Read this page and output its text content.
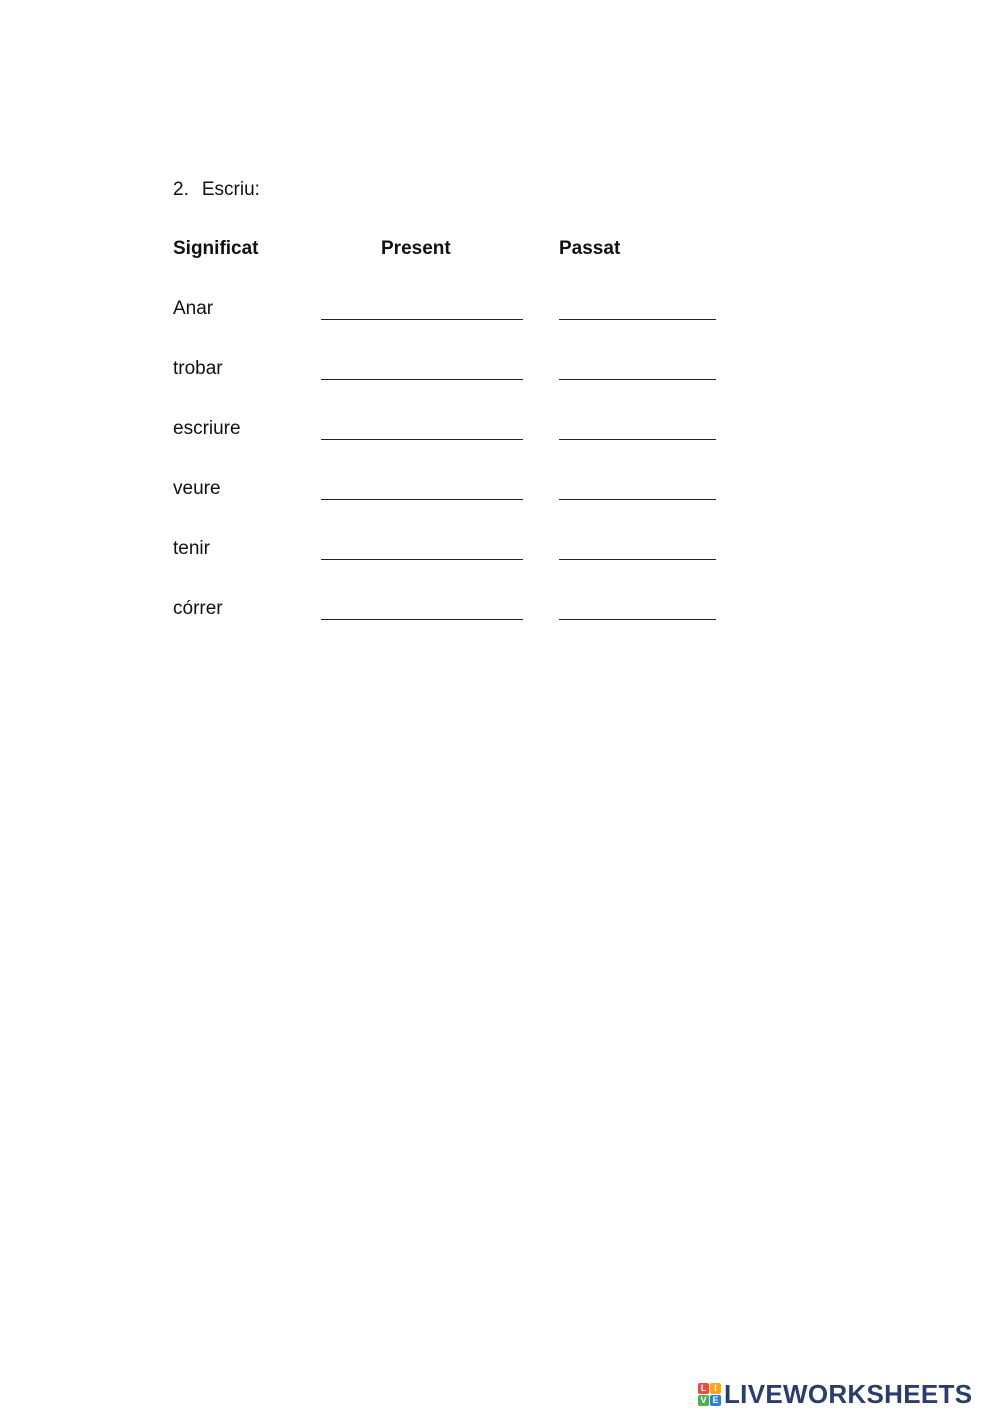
2. Escriu:
Significat	Present	Passat
Anar
trobar
escriure
veure
tenir
córrer
L I
V E LIVEWORKSHEETS
